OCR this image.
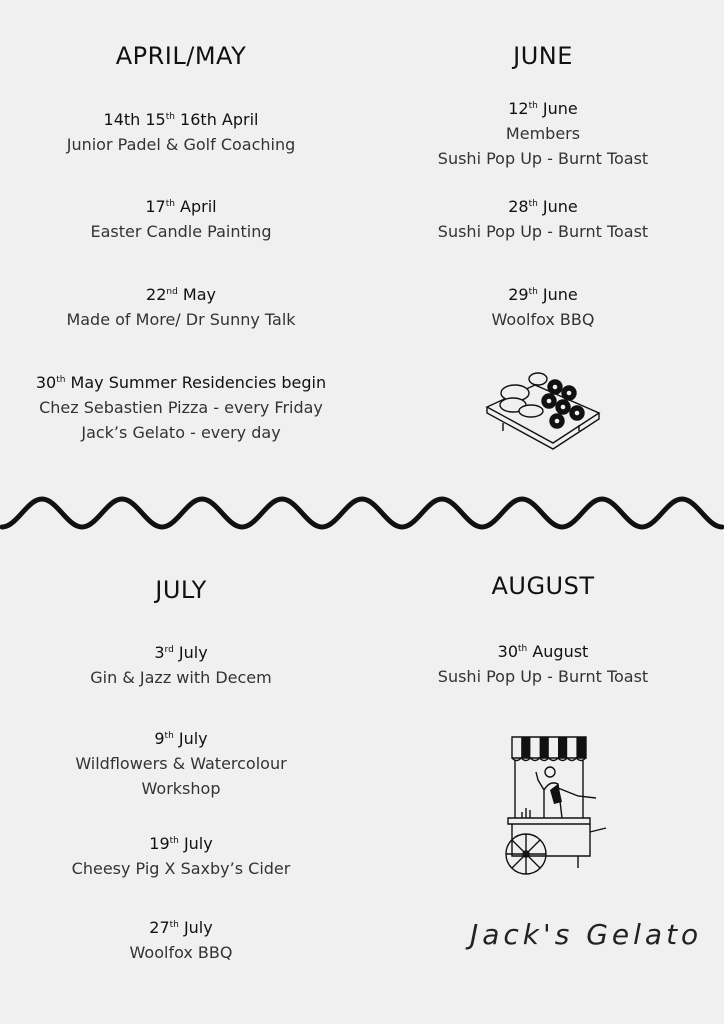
APRIL/MAY
14th 15th 16th April
Junior Padel & Golf Coaching
17th April
Easter Candle Painting
22nd May
Made of More/ Dr Sunny Talk
30th May Summer Residencies begin
Chez Sebastien Pizza - every Friday
Jack’s Gelato - every day
JUNE
12th June
Members
Sushi Pop Up - Burnt Toast
28th June
Sushi Pop Up - Burnt Toast
29th June
Woolfox BBQ
JULY
3rd July
Gin & Jazz with Decem
9th July
Wildflowers & Watercolour
Workshop
19th July
Cheesy Pig X Saxby’s Cider
27th July
Woolfox BBQ
AUGUST
30th August
Sushi Pop Up - Burnt Toast
Jack's Gelato
